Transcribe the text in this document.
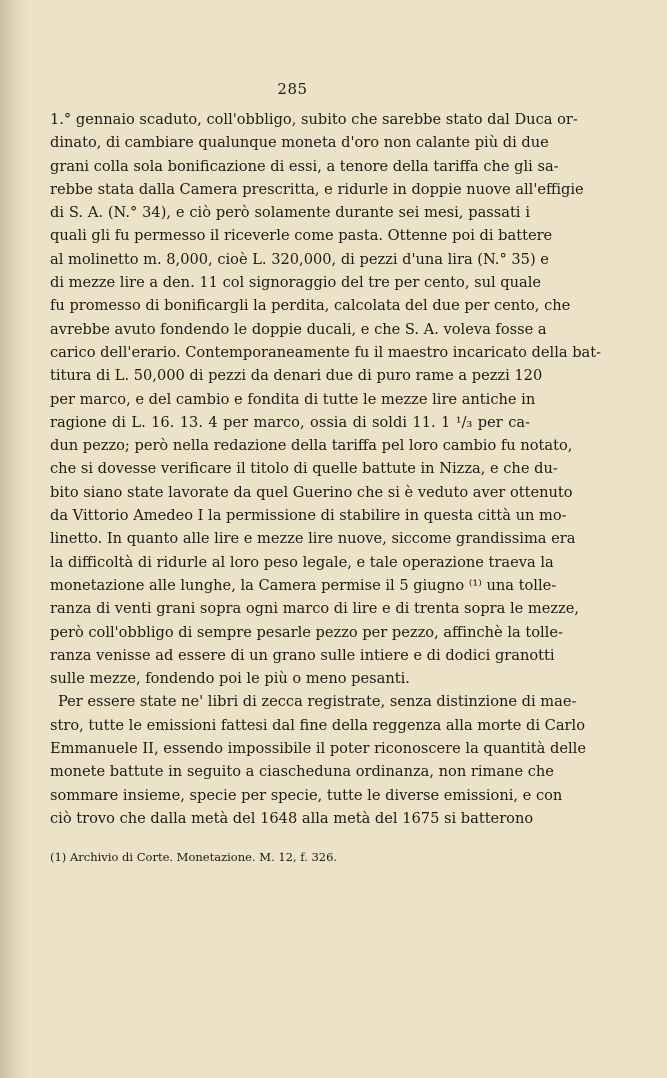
285
1.° gennaio scaduto, coll'obbligo, subito che sarebbe stato dal Duca or-
dinato, di cambiare qualunque moneta d'oro non calante più di due
grani colla sola bonificazione di essi, a tenore della tariffa che gli sa-
rebbe stata dalla Camera prescritta, e ridurle in doppie nuove all'effigie
di S. A. (N.° 34), e ciò però solamente durante sei mesi, passati i
quali gli fu permesso il riceverle come pasta. Ottenne poi di battere
al molinetto m. 8,000, cioè L. 320,000, di pezzi d'una lira (N.° 35) e
di mezze lire a den. 11 col signoraggio del tre per cento, sul quale
fu promesso di bonificargli la perdita, calcolata del due per cento, che
avrebbe avuto fondendo le doppie ducali, e che S. A. voleva fosse a
carico dell'erario. Contemporaneamente fu il maestro incaricato della bat-
titura di L. 50,000 di pezzi da denari due di puro rame a pezzi 120
per marco, e del cambio e fondita di tutte le mezze lire antiche in
ragione di L. 16. 13. 4 per marco, ossia di soldi 11. 1 ¹/₃ per ca-
dun pezzo; però nella redazione della tariffa pel loro cambio fu notato,
che si dovesse verificare il titolo di quelle battute in Nizza, e che du-
bito siano state lavorate da quel Guerino che si è veduto aver ottenuto
da Vittorio Amedeo I la permissione di stabilire in questa città un mo-
linetto. In quanto alle lire e mezze lire nuove, siccome grandissima era
la difficoltà di ridurle al loro peso legale, e tale operazione traeva la
monetazione alle lunghe, la Camera permise il 5 giugno ⁽¹⁾ una tolle-
ranza di venti grani sopra ogni marco di lire e di trenta sopra le mezze,
però coll'obbligo di sempre pesarle pezzo per pezzo, affinchè la tolle-
ranza venisse ad essere di un grano sulle intiere e di dodici granotti
sulle mezze, fondendo poi le più o meno pesanti.
Per essere state ne' libri di zecca registrate, senza distinzione di mae-
stro, tutte le emissioni fattesi dal fine della reggenza alla morte di Carlo
Emmanuele II, essendo impossibile il poter riconoscere la quantità delle
monete battute in seguito a ciascheduna ordinanza, non rimane che
sommare insieme, specie per specie, tutte le diverse emissioni, e con
ciò trovo che dalla metà del 1648 alla metà del 1675 si batterono
(1) Archivio di Corte. Monetazione. M. 12, f. 326.
